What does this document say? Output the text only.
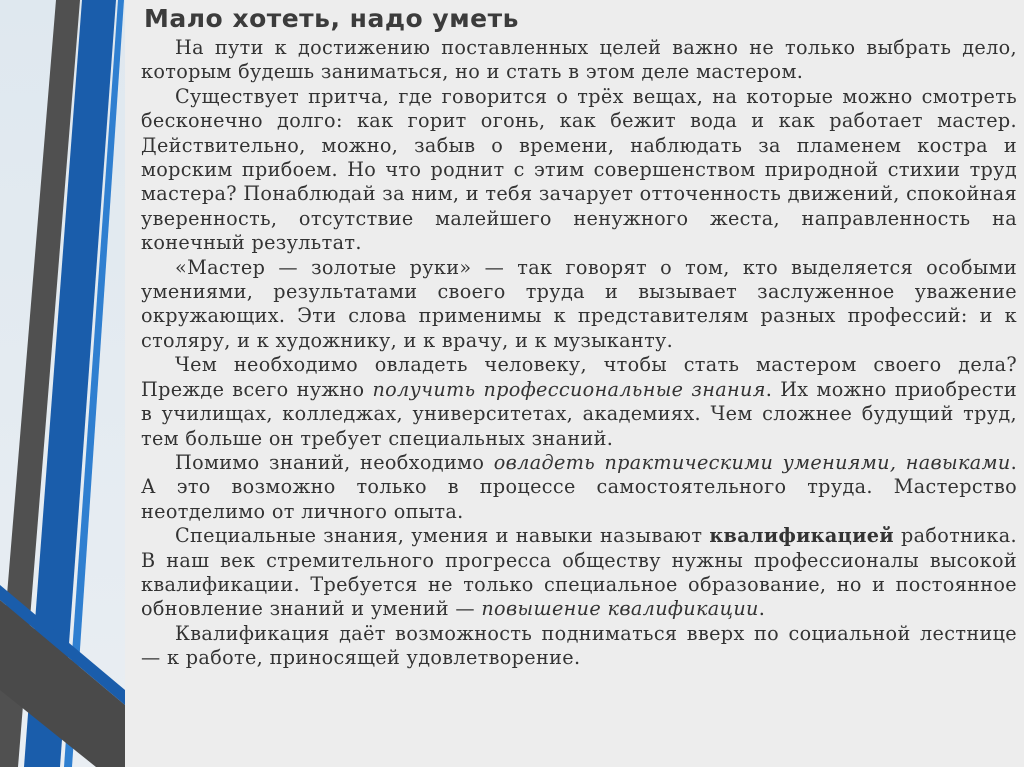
Мало хотеть, надо уметь

На пути к достижению поставленных целей важно не только выбрать дело, которым будешь заниматься, но и стать в этом деле мастером.

Существует притча, где говорится о трёх вещах, на которые можно смотреть бесконечно долго: как горит огонь, как бежит вода и как работает мастер. Действительно, можно, забыв о времени, наблюдать за пламенем костра и морским прибоем. Но что роднит с этим совершенством природной стихии труд мастера? Понаблюдай за ним, и тебя зачарует отточенность движений, спокойная уверенность, отсутствие малейшего ненужного жеста, направленность на конечный результат.

«Мастер — золотые руки» — так говорят о том, кто выделяется особыми умениями, результатами своего труда и вызывает заслуженное уважение окружающих. Эти слова применимы к представителям разных профессий: и к столяру, и к художнику, и к врачу, и к музыканту.

Чем необходимо овладеть человеку, чтобы стать мастером своего дела? Прежде всего нужно получить профессиональные знания. Их можно приобрести в училищах, колледжах, университетах, академиях. Чем сложнее будущий труд, тем больше он требует специальных знаний.

Помимо знаний, необходимо овладеть практическими умениями, навыками. А это возможно только в процессе самостоятельного труда. Мастерство неотделимо от личного опыта.

Специальные знания, умения и навыки называют квалификацией работника. В наш век стремительного прогресса обществу нужны профессионалы высокой квалификации. Требуется не только специальное образование, но и постоянное обновление знаний и умений — повышение квалификации.

Квалификация даёт возможность подниматься вверх по социальной лестнице — к работе, приносящей удовлетворение.
